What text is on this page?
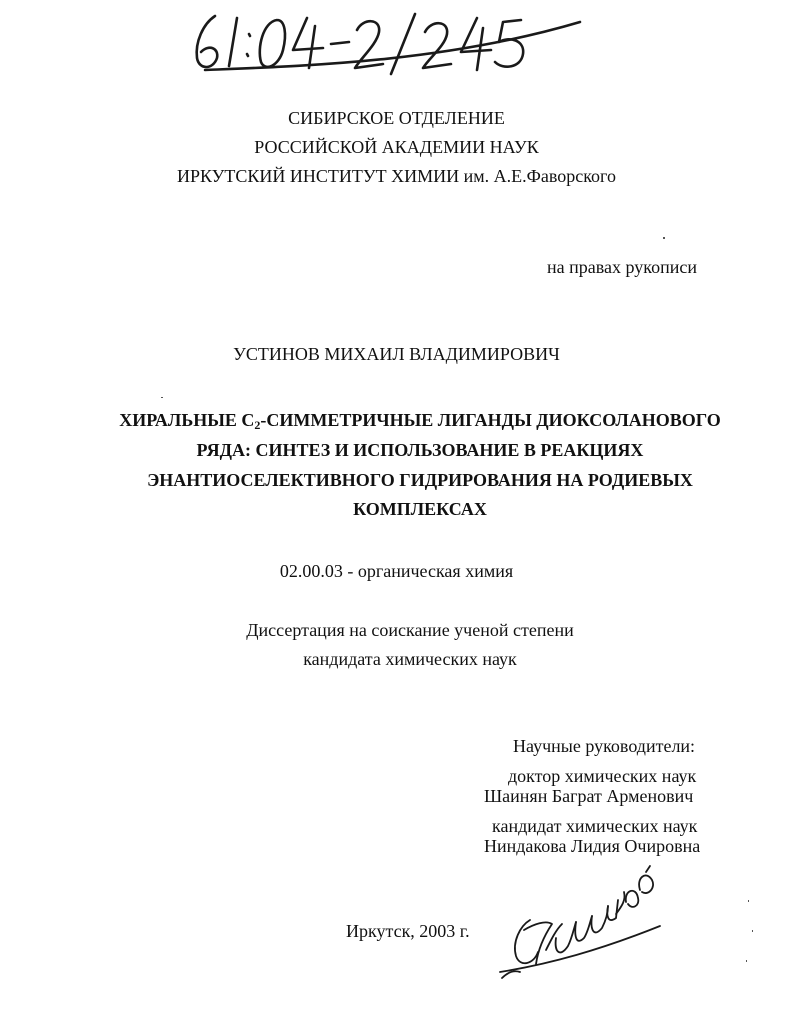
СИБИРСКОЕ ОТДЕЛЕНИЕ
РОССИЙСКОЙ АКАДЕМИИ НАУК
ИРКУТСКИЙ ИНСТИТУТ ХИМИИ им. А.Е.Фаворского
на правах рукописи
УСТИНОВ МИХАИЛ ВЛАДИМИРОВИЧ
ХИРАЛЬНЫЕ $С_2$-СИММЕТРИЧНЫЕ ЛИГАНДЫ ДИОКСОЛАНОВОГО
РЯДА: СИНТЕЗ И ИСПОЛЬЗОВАНИЕ В РЕАКЦИЯХ
ЭНАНТИОСЕЛЕКТИВНОГО ГИДРИРОВАНИЯ НА РОДИЕВЫХ
КОМПЛЕКСАХ
02.00.03 - органическая химия
Диссертация на соискание ученой степени
кандидата химических наук
Научные руководители:
доктор химических наук
Шаинян Баграт Арменович
кандидат химических наук
Ниндакова Лидия Очировна
Иркутск, 2003 г.
